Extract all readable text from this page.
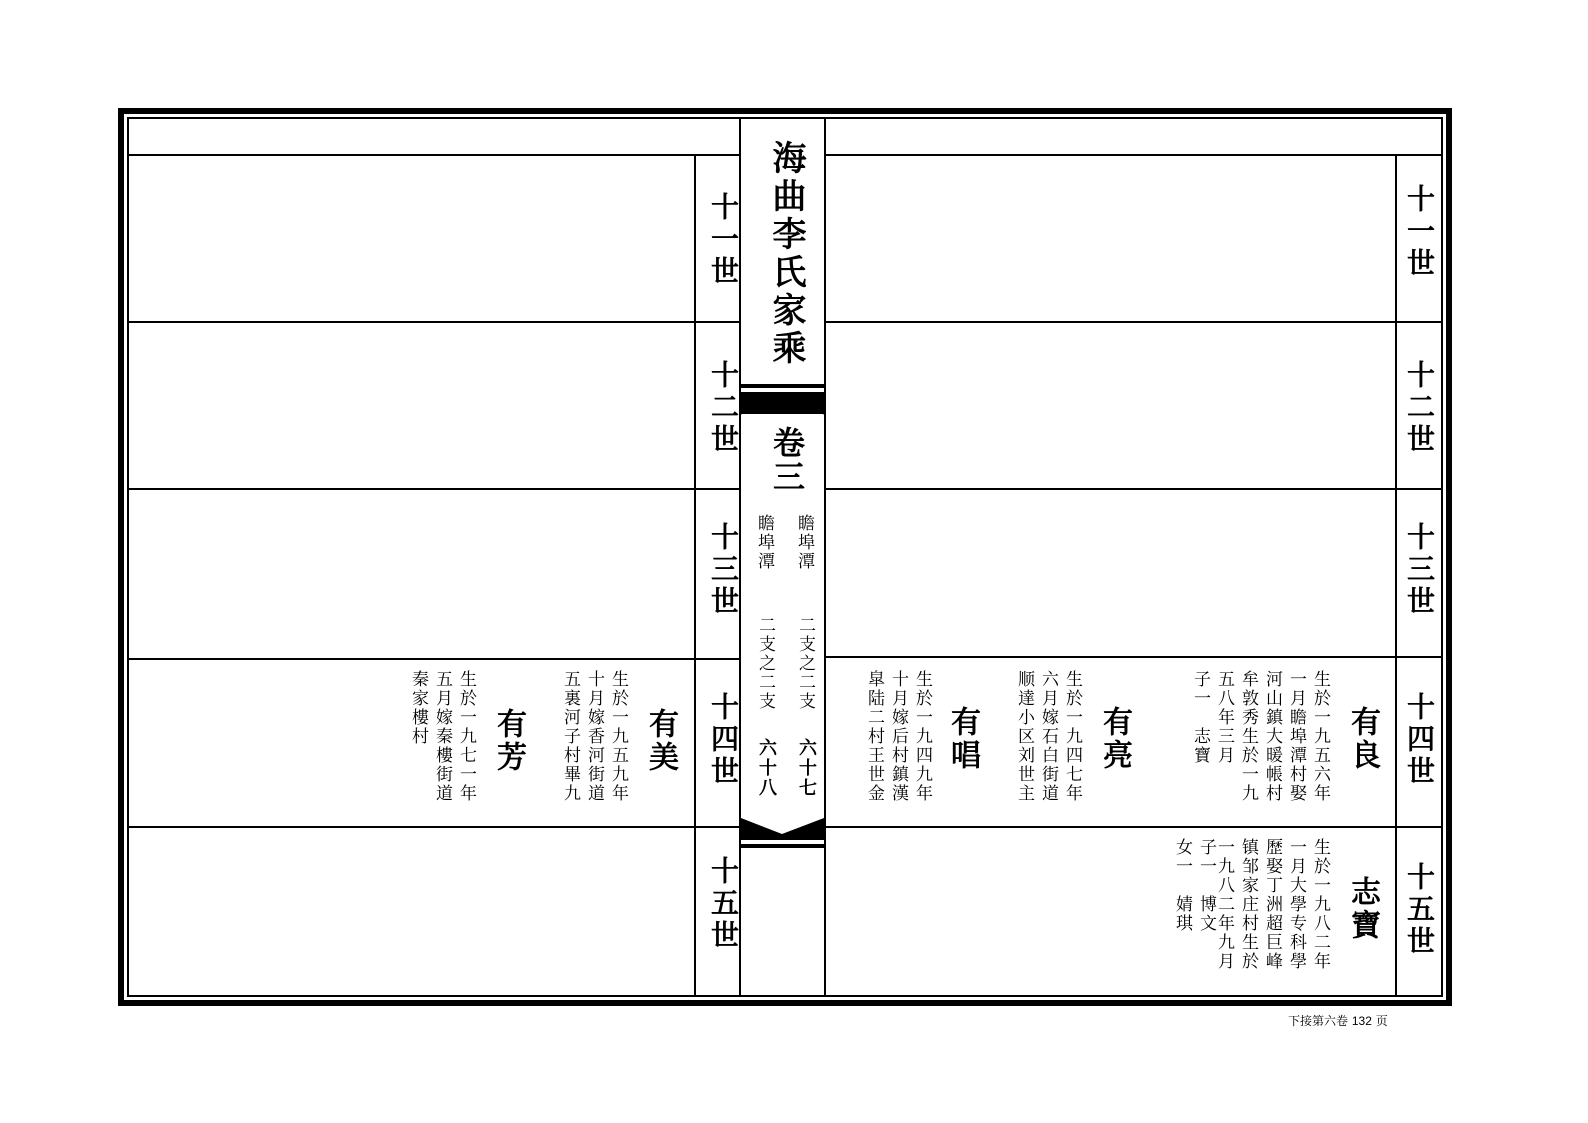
海曲李氏家乘
卷三
瞻埠潭
二支之二支
六十七
瞻埠潭
二支之二支
六十八
十一世
十二世
十三世
十四世
十五世
十一世
十二世
十三世
十四世
十五世
有良
生於一九五六年
一月瞻埠潭村娶
河山鎮大暖帳村
牟敦秀生於一九
五八年三月
子一　志寶
有亮
生於一九四七年
六月嫁石白街道
顺達小区刘世主
有唱
生於一九四九年
十月嫁后村鎮漢
皐陆二村王世金
志寶
生於一九八二年
一月大學专科學
歷娶丁洲超巨峰
镇邹家庄村生於
一九八二年九月
子一　博文
女一　婧琪
有美
生於一九五九年
十月嫁香河街道
五裏河子村畢九
有芳
生於一九七一年
五月嫁秦樓街道
秦家樓村
下接第六卷 132 页
